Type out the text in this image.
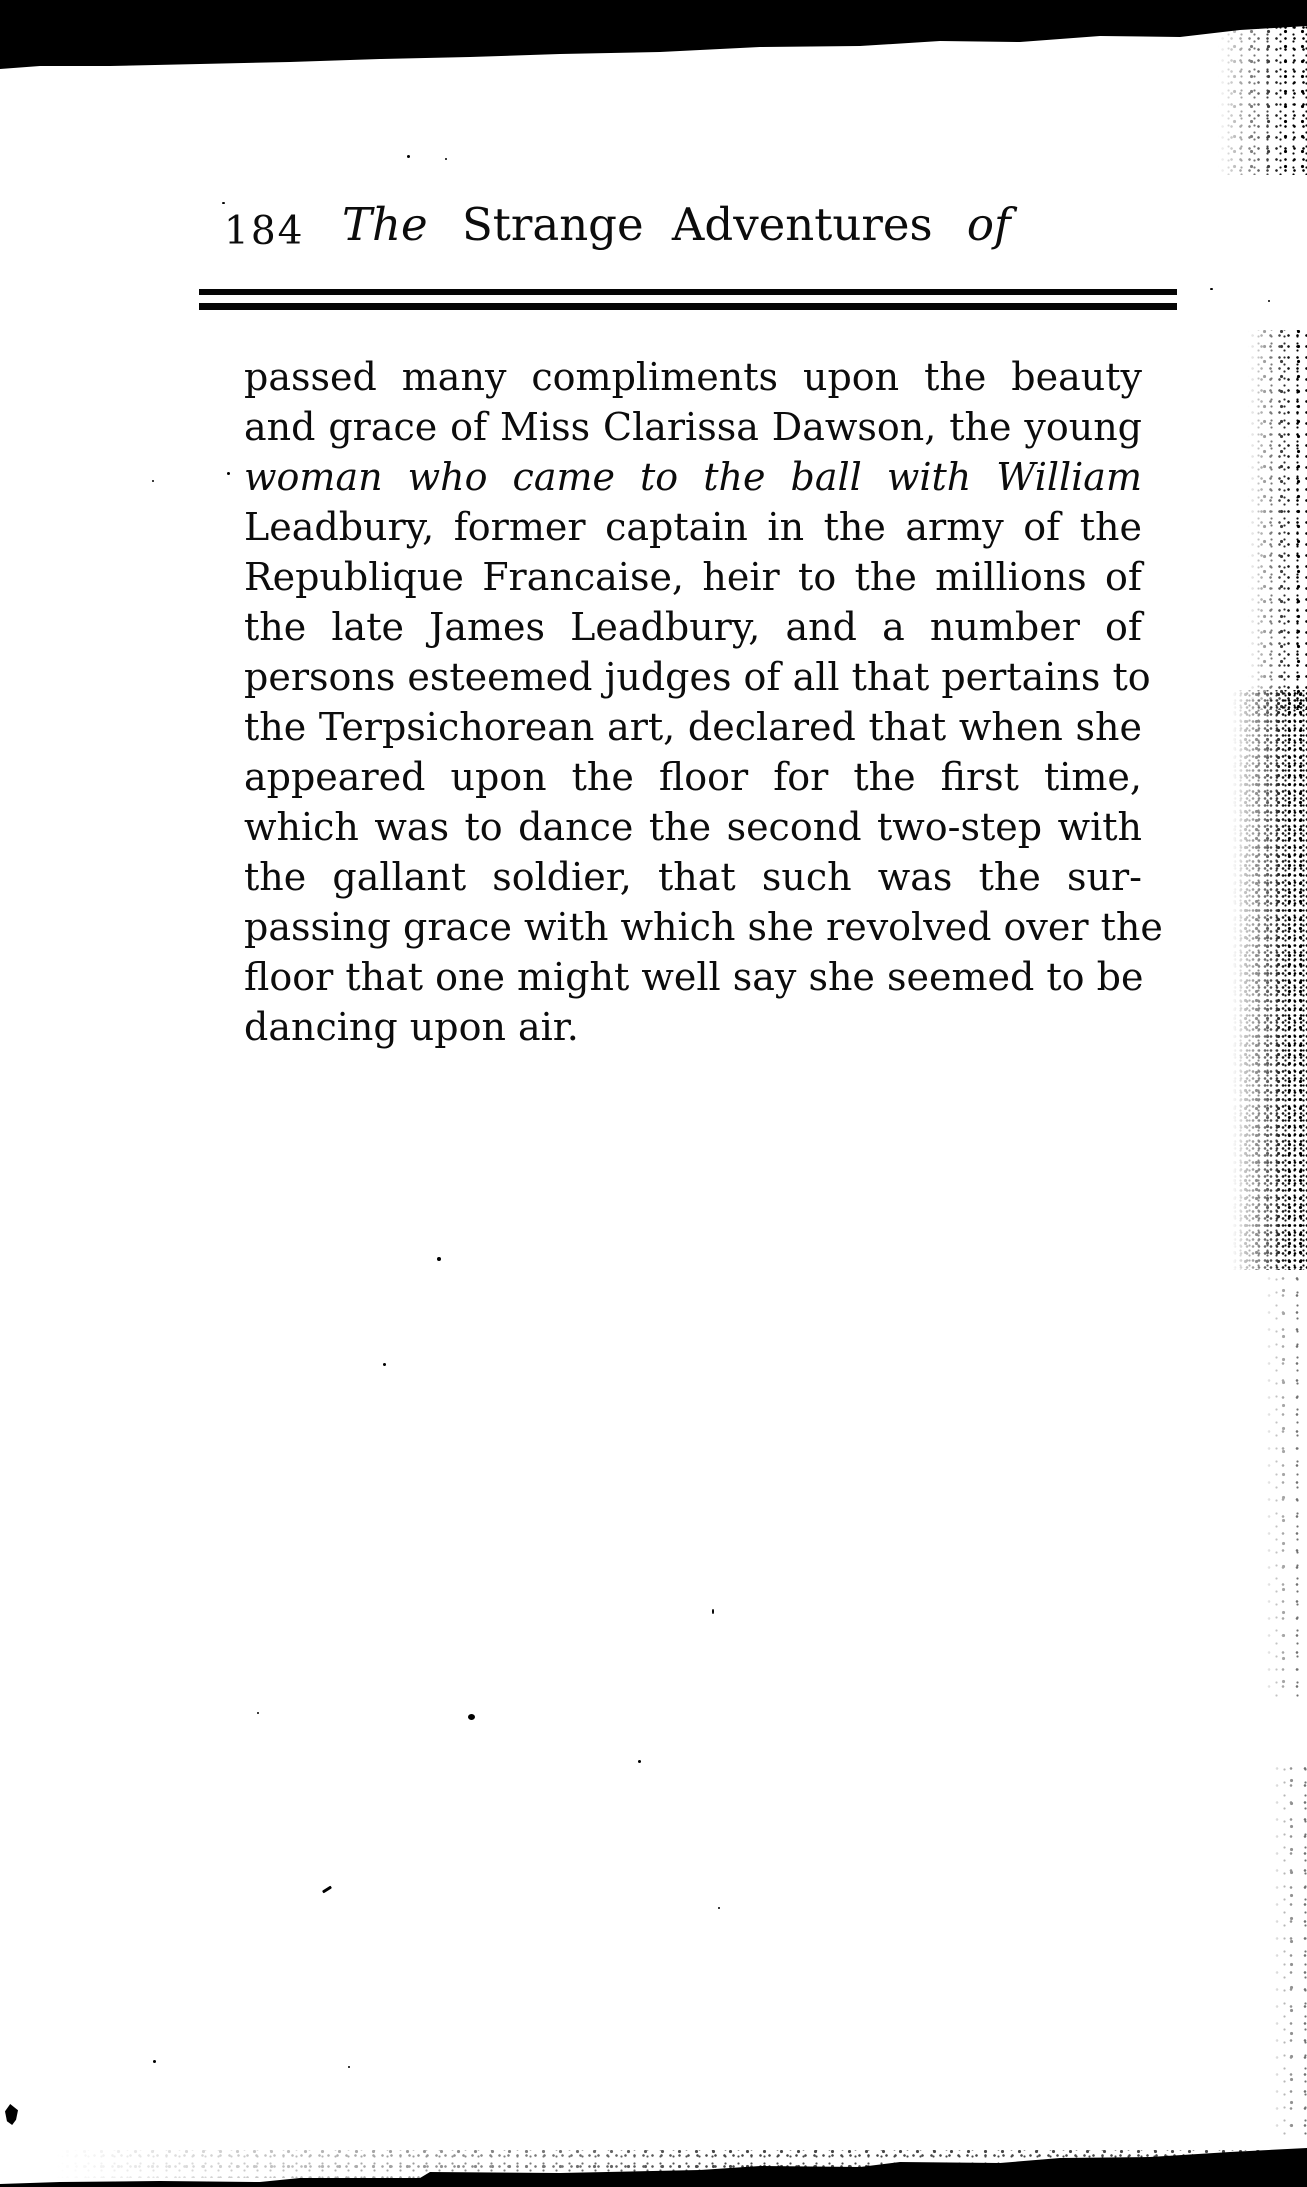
184 The Strange Adventures of
passed many compliments upon the beauty
and grace of Miss Clarissa Dawson, the young
woman who came to the ball with William
Leadbury, former captain in the army of the
Republique Francaise, heir to the millions of
the late James Leadbury, and a number of
persons esteemed judges of all that pertains to
the Terpsichorean art, declared that when she
appeared upon the floor for the first time,
which was to dance the second two-step with
the gallant soldier, that such was the sur-
passing grace with which she revolved over the
floor that one might well say she seemed to be
dancing upon air.
